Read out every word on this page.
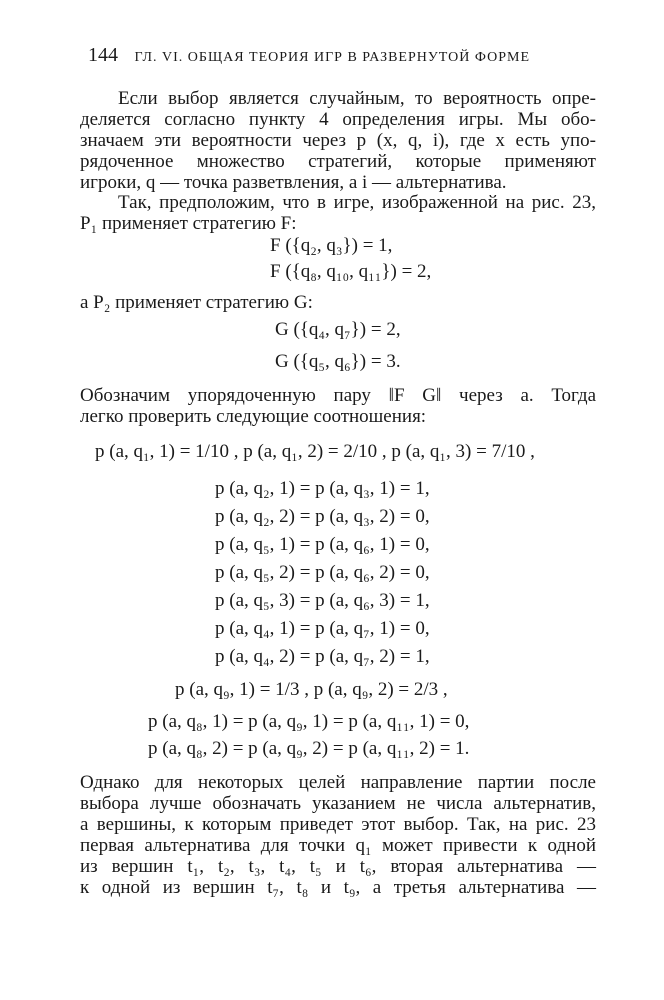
144 ГЛ. VI. ОБЩАЯ ТЕОРИЯ ИГР В РАЗВЕРНУТОЙ ФОРМЕ
Если выбор является случайным, то вероятность опре-
деляется согласно пункту 4 определения игры. Мы обо-
значаем эти вероятности через p (x, q, i), где x есть упо-
рядоченное множество стратегий, которые применяют
игроки, q — точка разветвления, а i — альтернатива.
Так, предположим, что в игре, изображенной на рис. 23,
P₁ применяет стратегию F:
F ({q₂, q₃}) = 1,
F ({q₈, q₁₀, q₁₁}) = 2,
а P₂ применяет стратегию G:
G ({q₄, q₇}) = 2,
G ({q₅, q₆}) = 3.
Обозначим упорядоченную пару ‖F G‖ через a. Тогда
легко проверить следующие соотношения:
p (a, q₁, 1) = 1/10 , p (a, q₁, 2) = 2/10 , p (a, q₁, 3) = 7/10 ,
p (a, q₂, 1) = p (a, q₃, 1) = 1,
p (a, q₂, 2) = p (a, q₃, 2) = 0,
p (a, q₅, 1) = p (a, q₆, 1) = 0,
p (a, q₅, 2) = p (a, q₆, 2) = 0,
p (a, q₅, 3) = p (a, q₆, 3) = 1,
p (a, q₄, 1) = p (a, q₇, 1) = 0,
p (a, q₄, 2) = p (a, q₇, 2) = 1,
p (a, q₉, 1) = 1/3 , p (a, q₉, 2) = 2/3 ,
p (a, q₈, 1) = p (a, q₉, 1) = p (a, q₁₁, 1) = 0,
p (a, q₈, 2) = p (a, q₉, 2) = p (a, q₁₁, 2) = 1.
Однако для некоторых целей направление партии после
выбора лучше обозначать указанием не числа альтернатив,
а вершины, к которым приведет этот выбор. Так, на рис. 23
первая альтернатива для точки q₁ может привести к одной
из вершин t₁, t₂, t₃, t₄, t₅ и t₆, вторая альтернатива —
к одной из вершин t₇, t₈ и t₉, а третья альтернатива —
